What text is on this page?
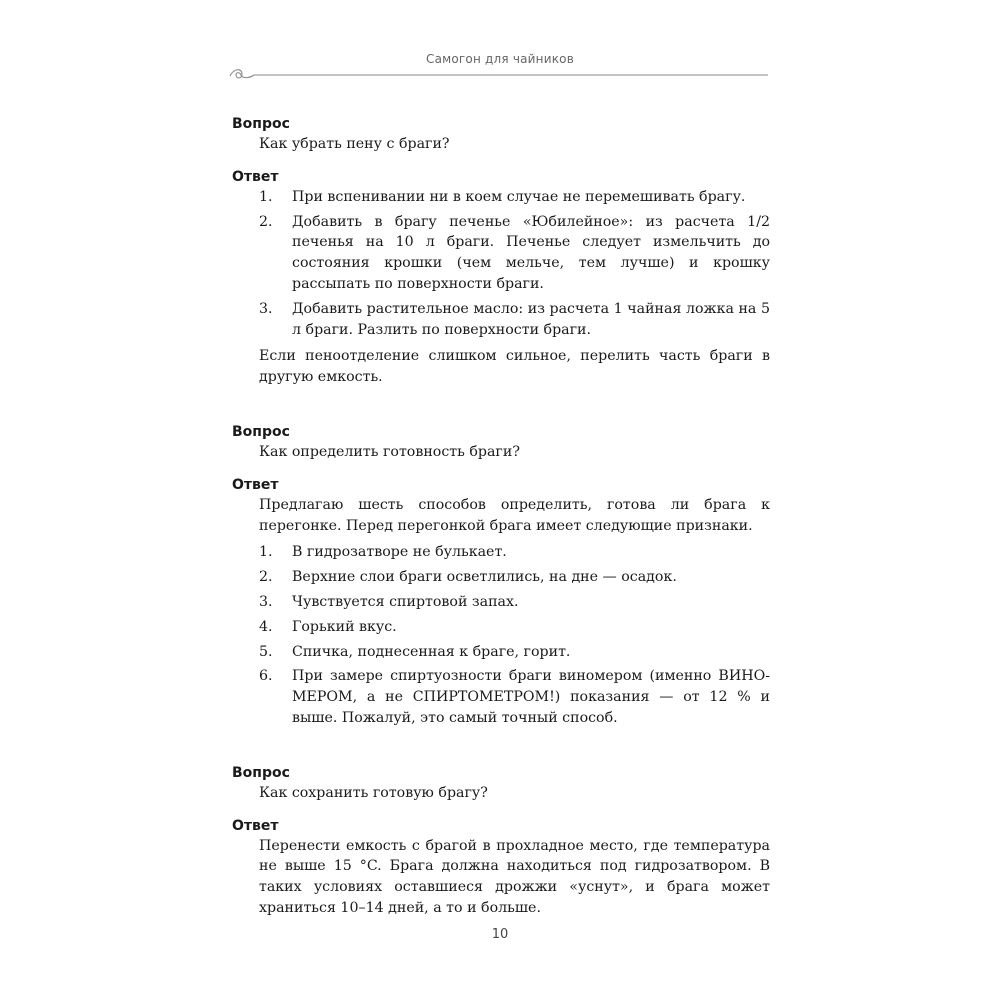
Самогон для чайников

Вопрос

Как убрать пену с браги?

Ответ

1. При вспенивании ни в коем случае не перемешивать брагу.
2. Добавить в брагу печенье «Юбилейное»: из расчета 1/2 печенья на 10 л браги. Печенье следует измельчить до состояния крошки (чем мельче, тем лучше) и крошку рассыпать по поверхности браги.
3. Добавить растительное масло: из расчета 1 чайная ложка на 5 л браги. Разлить по поверхности браги.

Если пеноотделение слишком сильное, перелить часть браги в другую емкость.

Вопрос

Как определить готовность браги?

Ответ

Предлагаю шесть способов определить, готова ли брага к перегонке. Перед перегонкой брага имеет следующие признаки.

1. В гидрозатворе не булькает.
2. Верхние слои браги осветлились, на дне — осадок.
3. Чувствуется спиртовой запах.
4. Горький вкус.
5. Спичка, поднесенная к браге, горит.
6. При замере спиртуозности браги виномером (именно ВИНО-МЕРОМ, а не СПИРТОМЕТРОМ!) показания — от 12 % и выше. Пожалуй, это самый точный способ.

Вопрос

Как сохранить готовую брагу?

Ответ

Перенести емкость с брагой в прохладное место, где температура не выше 15 °C. Брага должна находиться под гидрозатвором. В таких условиях оставшиеся дрожжи «уснут», и брага может храниться 10–14 дней, а то и больше.

10
